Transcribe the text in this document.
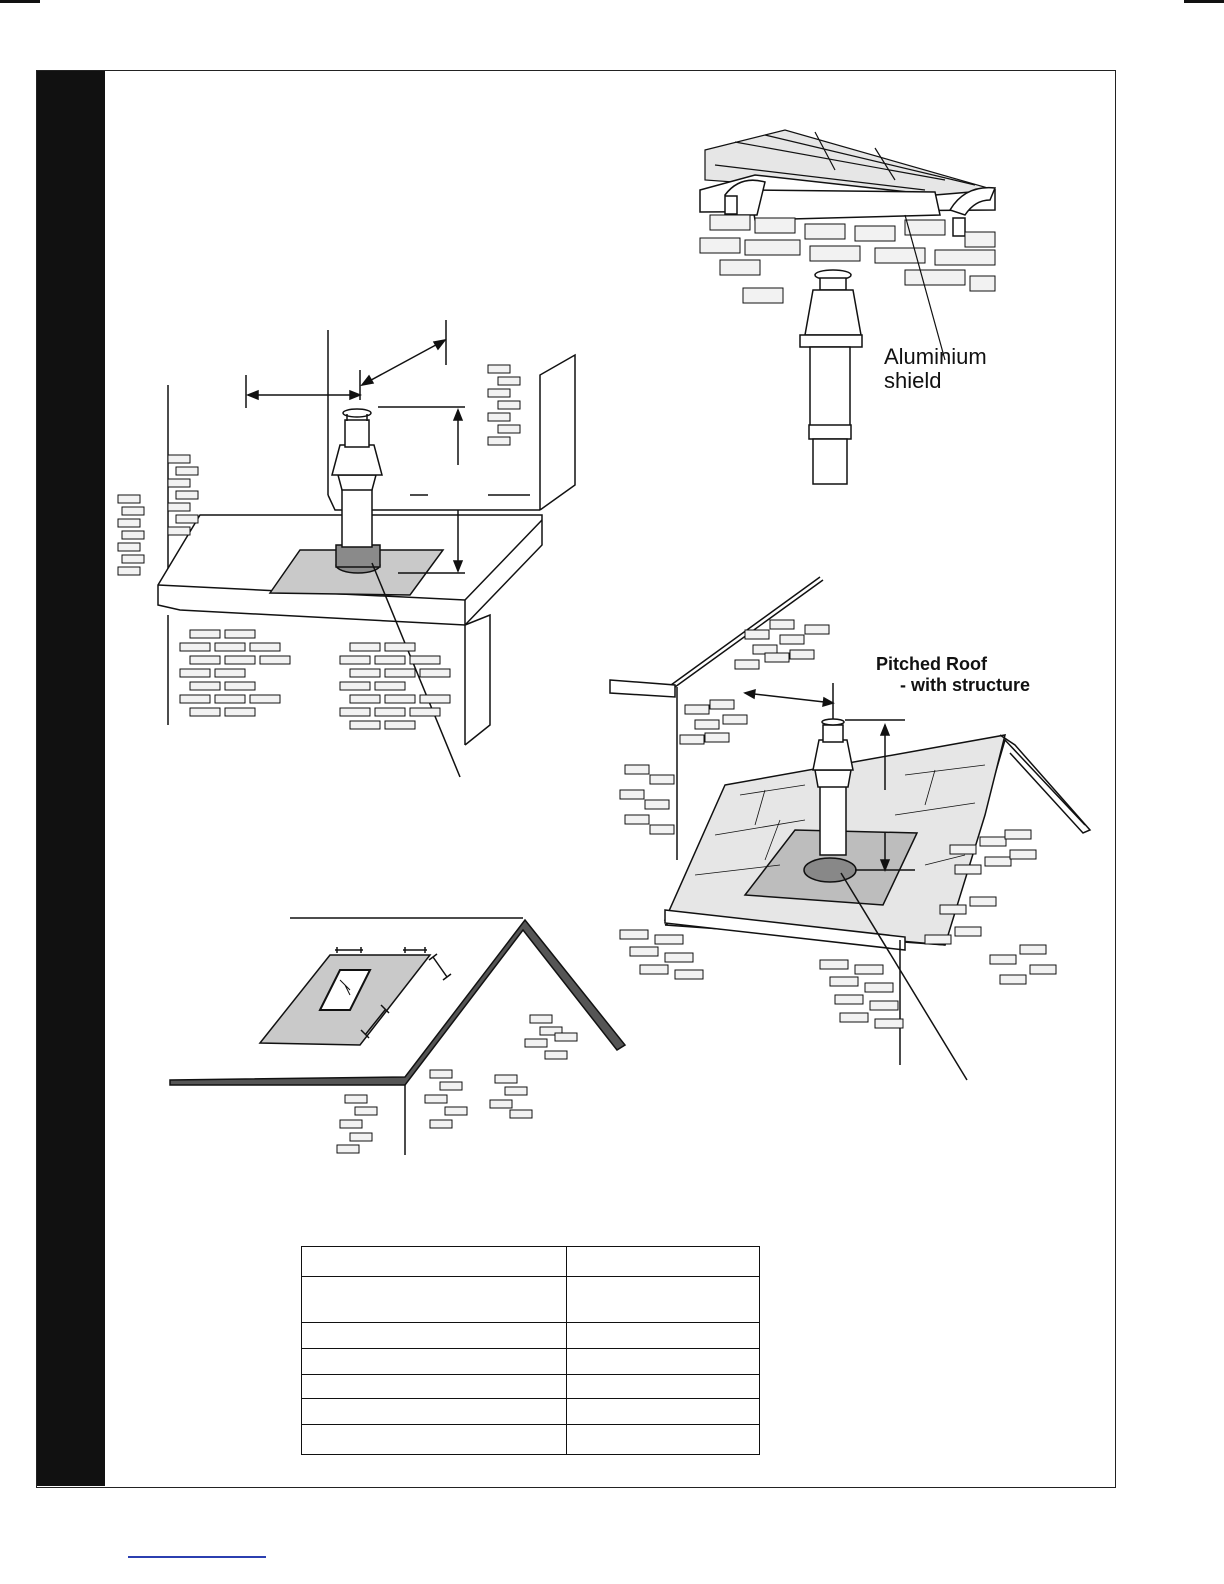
Aluminium
shield
Pitched Roof
- with structure
